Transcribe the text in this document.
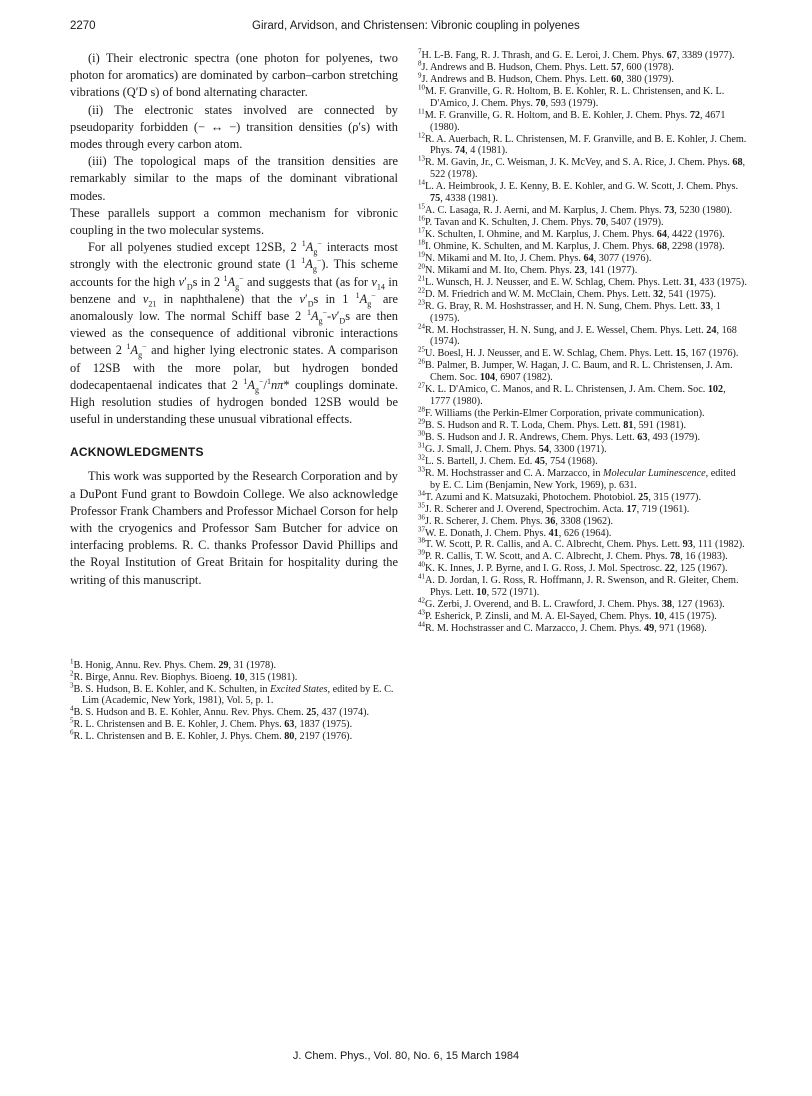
2270	Girard, Arvidson, and Christensen: Vibronic coupling in polyenes

(i) Their electronic spectra (one photon for polyenes, two photon for aromatics) are dominated by carbon–carbon stretching vibrations (Q′D s) of bond alternating character.

(ii) The electronic states involved are connected by pseudoparity forbidden (− ↔ −) transition densities (ρ′s) with modes through every carbon atom.

(iii) The topological maps of the transition densities are remarkably similar to the maps of the dominant vibrational modes.

These parallels support a common mechanism for vibronic coupling in the two molecular systems.

For all polyenes studied except 12SB, 2 $^1A_g^-$ interacts most strongly with the electronic ground state (1 $^1A_g^-$). This scheme accounts for the high $\nu'_Ds$ in 2 $^1A_g^-$ and suggests that (as for $\nu_{14}$ in benzene and $\nu_{21}$ in naphthalene) that the $\nu'_Ds$ in 1 $^1A_g^-$ are anomalously low. The normal Schiff base 2 $^1A_g^--\nu'_Ds$ are then viewed as the consequence of additional vibronic interactions between 2 $^1A_g^-$ and higher lying electronic states. A comparison of 12SB with the more polar, but hydrogen bonded dodecapentaenal indicates that 2 $^1A_g^-/^1n\pi*$ couplings dominate. High resolution studies of hydrogen bonded 12SB would be useful in understanding these unusual vibrational effects.

ACKNOWLEDGMENTS

This work was supported by the Research Corporation and by a DuPont Fund grant to Bowdoin College. We also acknowledge Professor Frank Chambers and Professor Michael Corson for help with the cryogenics and Professor Sam Butcher for advice on interfacing problems. R. C. thanks Professor David Phillips and the Royal Institution of Great Britain for hospitality during the writing of this manuscript.

$^1$B. Honig, Annu. Rev. Phys. Chem. 29, 31 (1978).

$^2$R. Birge, Annu. Rev. Biophys. Bioeng. 10, 315 (1981).

$^3$B. S. Hudson, B. E. Kohler, and K. Schulten, in Excited States, edited by E. C. Lim (Academic, New York, 1981), Vol. 5, p. 1.

$^4$B. S. Hudson and B. E. Kohler, Annu. Rev. Phys. Chem. 25, 437 (1974).

$^5$R. L. Christensen and B. E. Kohler, J. Chem. Phys. 63, 1837 (1975).

$^6$R. L. Christensen and B. E. Kohler, J. Phys. Chem. 80, 2197 (1976).

$^7$H. L-B. Fang, R. J. Thrash, and G. E. Leroi, J. Chem. Phys. 67, 3389 (1977).

$^8$J. Andrews and B. Hudson, Chem. Phys. Lett. 57, 600 (1978).

$^9$J. Andrews and B. Hudson, Chem. Phys. Lett. 60, 380 (1979).

$^{10}$M. F. Granville, G. R. Holtom, B. E. Kohler, R. L. Christensen, and K. L. D'Amico, J. Chem. Phys. 70, 593 (1979).

$^{11}$M. F. Granville, G. R. Holtom, and B. E. Kohler, J. Chem. Phys. 72, 4671 (1980).

$^{12}$R. A. Auerbach, R. L. Christensen, M. F. Granville, and B. E. Kohler, J. Chem. Phys. 74, 4 (1981).

$^{13}$R. M. Gavin, Jr., C. Weisman, J. K. McVey, and S. A. Rice, J. Chem. Phys. 68, 522 (1978).

$^{14}$L. A. Heimbrook, J. E. Kenny, B. E. Kohler, and G. W. Scott, J. Chem. Phys. 75, 4338 (1981).

$^{15}$A. C. Lasaga, R. J. Aerni, and M. Karplus, J. Chem. Phys. 73, 5230 (1980).

$^{16}$P. Tavan and K. Schulten, J. Chem. Phys. 70, 5407 (1979).

$^{17}$K. Schulten, I. Ohmine, and M. Karplus, J. Chem. Phys. 64, 4422 (1976).

$^{18}$I. Ohmine, K. Schulten, and M. Karplus, J. Chem. Phys. 68, 2298 (1978).

$^{19}$N. Mikami and M. Ito, J. Chem. Phys. 64, 3077 (1976).

$^{20}$N. Mikami and M. Ito, Chem. Phys. 23, 141 (1977).

$^{21}$L. Wunsch, H. J. Neusser, and E. W. Schlag, Chem. Phys. Lett. 31, 433 (1975).

$^{22}$D. M. Friedrich and W. M. McClain, Chem. Phys. Lett. 32, 541 (1975).

$^{23}$R. G. Bray, R. M. Hoshstrasser, and H. N. Sung, Chem. Phys. Lett. 33, 1 (1975).

$^{24}$R. M. Hochstrasser, H. N. Sung, and J. E. Wessel, Chem. Phys. Lett. 24, 168 (1974).

$^{25}$U. Boesl, H. J. Neusser, and E. W. Schlag, Chem. Phys. Lett. 15, 167 (1976).

$^{26}$B. Palmer, B. Jumper, W. Hagan, J. C. Baum, and R. L. Christensen, J. Am. Chem. Soc. 104, 6907 (1982).

$^{27}$K. L. D'Amico, C. Manos, and R. L. Christensen, J. Am. Chem. Soc. 102, 1777 (1980).

$^{28}$F. Williams (the Perkin-Elmer Corporation, private communication).

$^{29}$B. S. Hudson and R. T. Loda, Chem. Phys. Lett. 81, 591 (1981).

$^{30}$B. S. Hudson and J. R. Andrews, Chem. Phys. Lett. 63, 493 (1979).

$^{31}$G. J. Small, J. Chem. Phys. 54, 3300 (1971).

$^{32}$L. S. Bartell, J. Chem. Ed. 45, 754 (1968).

$^{33}$R. M. Hochstrasser and C. A. Marzacco, in Molecular Luminescence, edited by E. C. Lim (Benjamin, New York, 1969), p. 631.

$^{34}$T. Azumi and K. Matsuzaki, Photochem. Photobiol. 25, 315 (1977).

$^{35}$J. R. Scherer and J. Overend, Spectrochim. Acta. 17, 719 (1961).

$^{36}$J. R. Scherer, J. Chem. Phys. 36, 3308 (1962).

$^{37}$W. E. Donath, J. Chem. Phys. 41, 626 (1964).

$^{38}$T. W. Scott, P. R. Callis, and A. C. Albrecht, Chem. Phys. Lett. 93, 111 (1982).

$^{39}$P. R. Callis, T. W. Scott, and A. C. Albrecht, J. Chem. Phys. 78, 16 (1983).

$^{40}$K. K. Innes, J. P. Byrne, and I. G. Ross, J. Mol. Spectrosc. 22, 125 (1967).

$^{41}$A. D. Jordan, I. G. Ross, R. Hoffmann, J. R. Swenson, and R. Gleiter, Chem. Phys. Lett. 10, 572 (1971).

$^{42}$G. Zerbi, J. Overend, and B. L. Crawford, J. Chem. Phys. 38, 127 (1963).

$^{43}$P. Esherick, P. Zinsli, and M. A. El-Sayed, Chem. Phys. 10, 415 (1975).

$^{44}$R. M. Hochstrasser and C. Marzacco, J. Chem. Phys. 49, 971 (1968).

J. Chem. Phys., Vol. 80, No. 6, 15 March 1984
